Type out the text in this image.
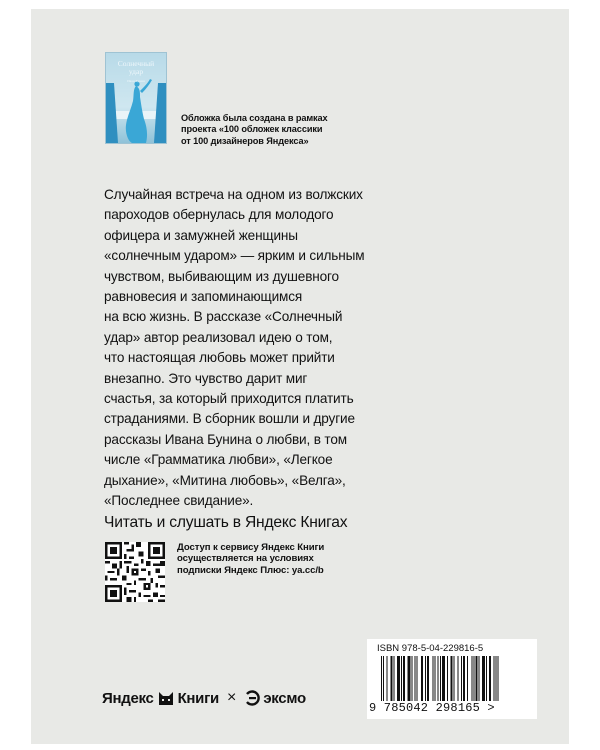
Солнечный
удар
Иван Бунин
Обложка была создана в рамках
проекта «100 обложек классики
от 100 дизайнеров Яндекса»
Случайная встреча на одном из волжских
пароходов обернулась для молодого
офицера и замужней женщины
«солнечным ударом» — ярким и сильным
чувством, выбивающим из душевного
равновесия и запоминающимся
на всю жизнь. В рассказе «Солнечный
удар» автор реализовал идею о том,
что настоящая любовь может прийти
внезапно. Это чувство дарит миг
счастья, за который приходится платить
страданиями. В сборник вошли и другие
рассказы Ивана Бунина о любви, в том
числе «Грамматика любви», «Легкое
дыхание», «Митина любовь», «Велга»,
«Последнее свидание».
Читать и слушать в Яндекс Книгах
Доступ к сервису Яндекс Книги
осуществляется на условиях
подписки Яндекс Плюс: ya.cc/b
Яндекс Книги × эксмо
ISBN 978-5-04-229816-5
9 785042 298165 >
